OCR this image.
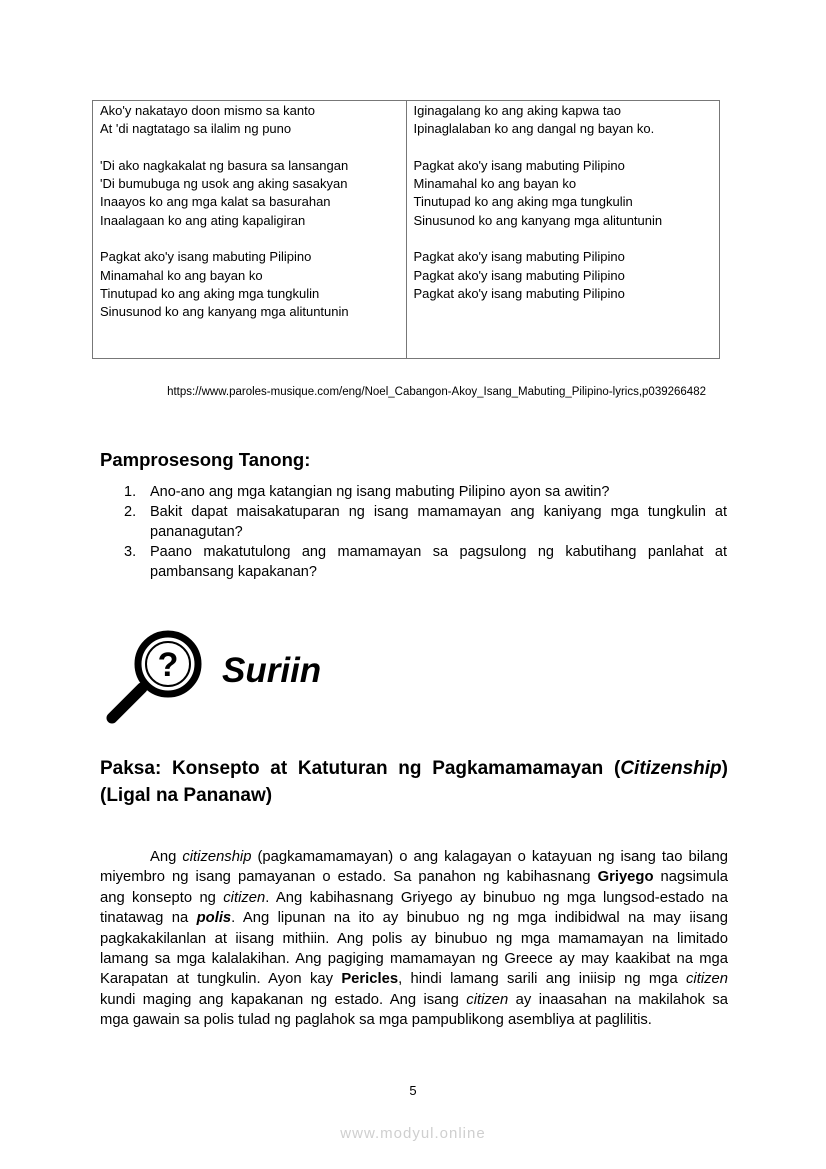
Ako'y nakatayo doon mismo sa kanto
At 'di nagtatago sa ilalim ng puno

'Di ako nagkakalat ng basura sa lansangan
'Di bumubuga ng usok ang aking sasakyan
Inaayos ko ang mga kalat sa basurahan
Inaalagaan ko ang ating kapaligiran

Pagkat ako'y isang mabuting Pilipino
Minamahal ko ang bayan ko
Tinutupad ko ang aking mga tungkulin
Sinusunod ko ang kanyang mga alituntunin
Iginagalang ko ang aking kapwa tao
Ipinaglalaban ko ang dangal ng bayan ko.

Pagkat ako'y isang mabuting Pilipino
Minamahal ko ang bayan ko
Tinutupad ko ang aking mga tungkulin
Sinusunod ko ang kanyang mga alituntunin

Pagkat ako'y isang mabuting Pilipino
Pagkat ako'y isang mabuting Pilipino
Pagkat ako'y isang mabuting Pilipino
https://www.paroles-musique.com/eng/Noel_Cabangon-Akoy_Isang_Mabuting_Pilipino-lyrics,p039266482
Pamprosesong Tanong:
1. Ano-ano ang mga katangian ng isang mabuting Pilipino ayon sa awitin?
2. Bakit dapat maisakatuparan ng isang mamamayan ang kaniyang mga tungkulin at pananagutan?
3. Paano makatutulong ang mamamayan sa pagsulong ng kabutihang panlahat at pambansang kapakanan?
? Suriin
Paksa: Konsepto at Katuturan ng Pagkamamamayan (Citizenship)
(Ligal na Pananaw)
Ang citizenship (pagkamamamayan) o ang kalagayan o katayuan ng isang tao bilang
miyembro ng isang pamayanan o estado. Sa panahon ng kabihasnang Griyego nagsimula
ang konsepto ng citizen. Ang kabihasnang Griyego ay binubuo ng mga lungsod-estado na
tinatawag na polis. Ang lipunan na ito ay binubuo ng ng mga indibidwal na may iisang
pagkakakilanlan at iisang mithiin. Ang polis ay binubuo ng mga mamamayan na limitado
lamang sa mga kalalakihan. Ang pagiging mamamayan ng Greece ay may kaakibat na mga
Karapatan at tungkulin. Ayon kay Pericles, hindi lamang sarili ang iniisip ng mga citizen
kundi maging ang kapakanan ng estado. Ang isang citizen ay inaasahan na makilahok sa
mga gawain sa polis tulad ng paglahok sa mga pampublikong asembliya at paglilitis.
5
www.modyul.online
